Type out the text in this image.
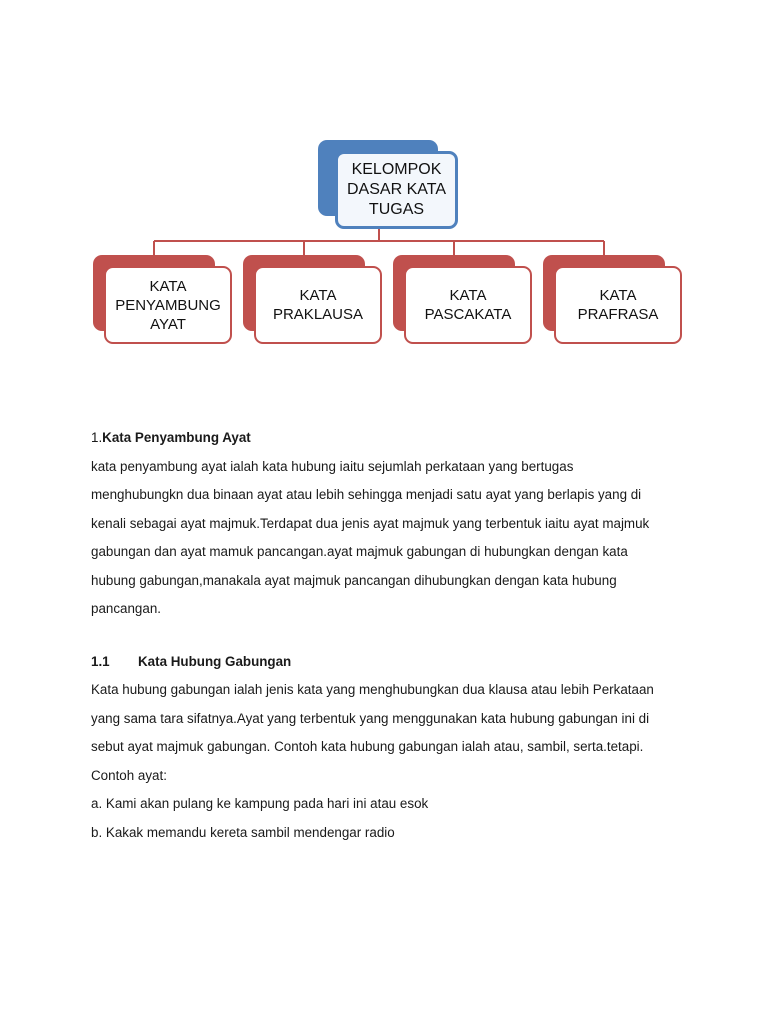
KELOMPOK
DASAR KATA
TUGAS
KATA
PENYAMBUNG
AYAT
KATA
PRAKLAUSA
KATA
PASCAKATA
KATA
PRAFRASA
1.Kata Penyambung Ayat
kata penyambung ayat ialah kata hubung iaitu sejumlah perkataan yang bertugas
menghubungkn dua binaan ayat atau lebih sehingga menjadi satu ayat yang berlapis yang di
kenali sebagai ayat majmuk.Terdapat dua jenis ayat majmuk yang terbentuk iaitu ayat majmuk
gabungan dan ayat mamuk pancangan.ayat majmuk gabungan di hubungkan dengan kata
hubung gabungan,manakala ayat majmuk pancangan dihubungkan dengan kata hubung
pancangan.
1.1	Kata Hubung Gabungan
Kata hubung gabungan ialah jenis kata yang menghubungkan dua klausa atau lebih Perkataan
yang sama tara sifatnya.Ayat yang terbentuk yang menggunakan kata hubung gabungan ini di
sebut ayat majmuk gabungan. Contoh kata hubung gabungan ialah atau, sambil, serta.tetapi.
Contoh ayat:
a. Kami akan pulang ke kampung pada hari ini atau esok
b. Kakak memandu kereta sambil mendengar radio
